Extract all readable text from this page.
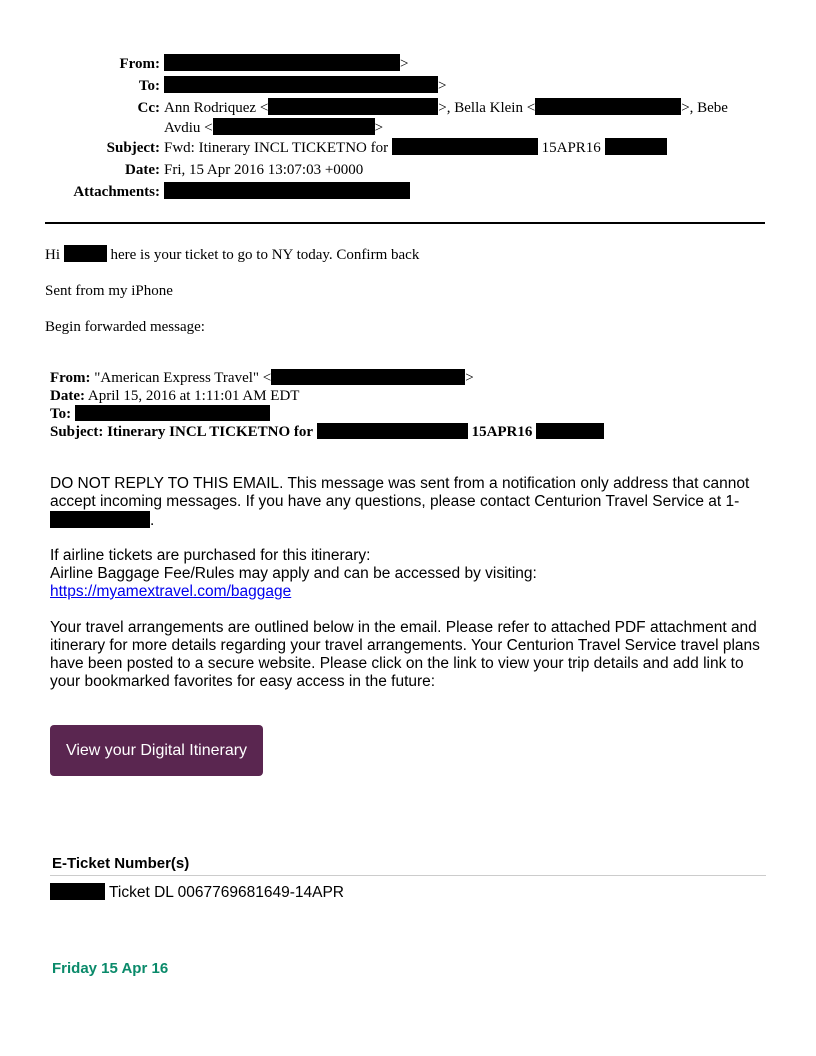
From:	>
To:	>
Cc: Ann Rodriquez <	>, Bella Klein <	>, Bebe
Avdiu <	>
Subject: Fwd: Itinerary INCL TICKETNO for	15APR16
Date: Fri, 15 Apr 2016 13:07:03 +0000
Attachments:
Hi	here is your ticket to go to NY today. Confirm back
Sent from my iPhone
Begin forwarded message:
From: "American Express Travel" <	>
Date: April 15, 2016 at 1:11:01 AM EDT
To:
Subject: Itinerary INCL TICKETNO for	15APR16

DO NOT REPLY TO THIS EMAIL. This message was sent from a notification only address that cannot accept incoming messages. If you have any questions, please contact Centurion Travel Service at 1-.

If airline tickets are purchased for this itinerary:

Airline Baggage Fee/Rules may apply and can be accessed by visiting:

https://myamextravel.com/baggage

Your travel arrangements are outlined below in the email. Please refer to attached PDF attachment and itinerary for more details regarding your travel arrangements. Your Centurion Travel Service travel plans have been posted to a secure website. Please click on the link to view your trip details and add link to your bookmarked favorites for easy access in the future:
View your Digital Itinerary
E-Ticket Number(s)
Ticket DL 0067769681649-14APR
Friday 15 Apr 16
